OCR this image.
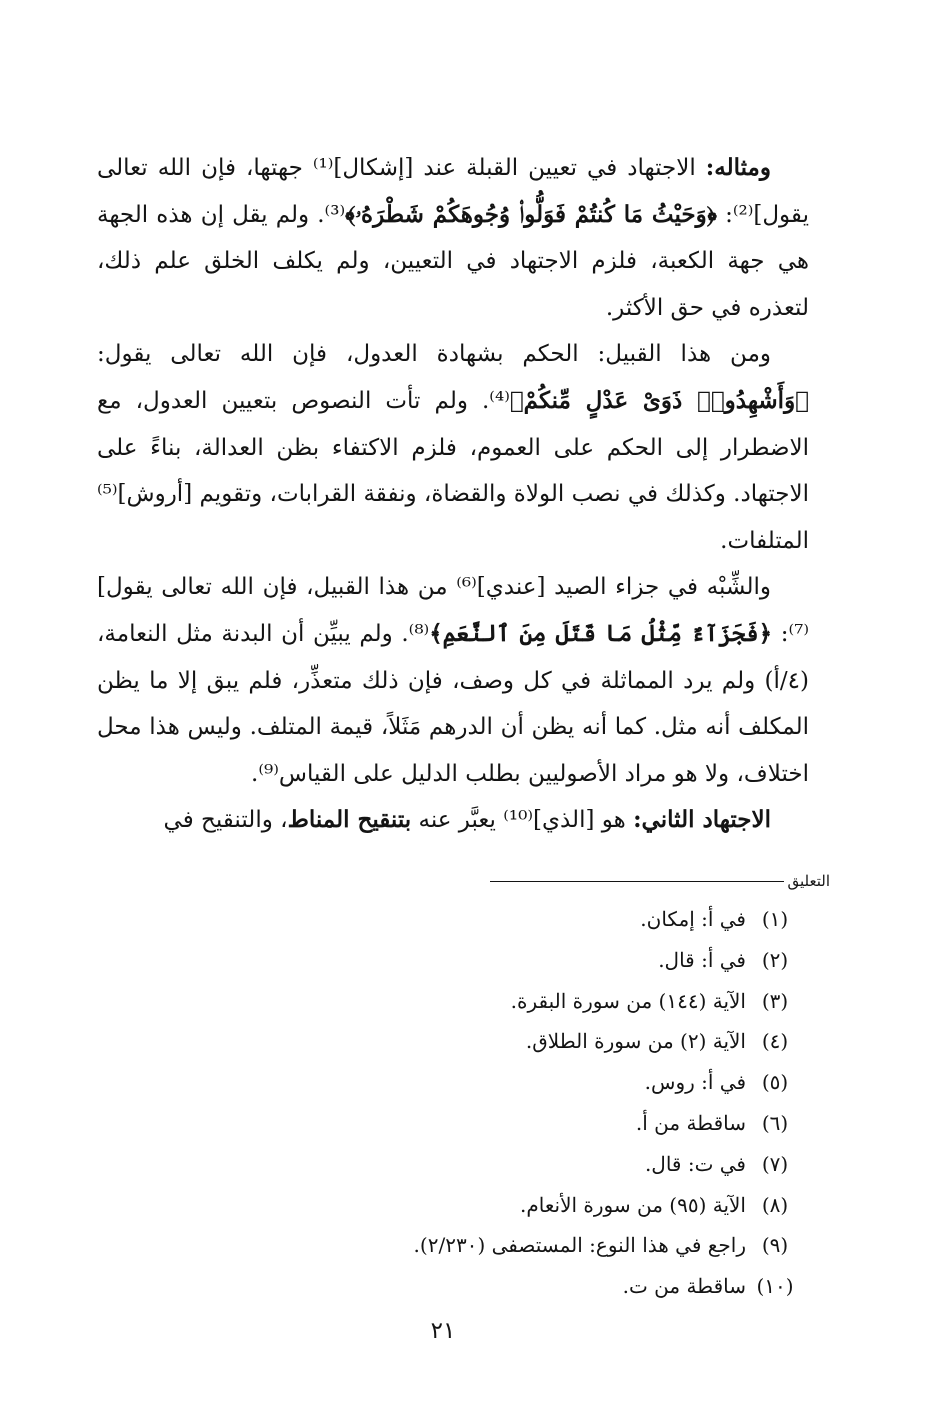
ومثاله: الاجتهاد في تعيين القبلة عند [إشكال]⁽¹⁾ جهتها، فإن الله تعالى يقول]⁽²⁾: ﴿وَحَيْثُ مَا كُنتُمْ فَوَلُّوا۟ وُجُوهَكُمْ شَطْرَهُۥ﴾⁽³⁾. ولم يقل إن هذه الجهة هي جهة الكعبة، فلزم الاجتهاد في التعيين، ولم يكلف الخلق علم ذلك، لتعذره في حق الأكثر.

ومن هذا القبيل: الحكم بشهادة العدول، فإن الله تعالى يقول: ﴿وَأَشْهِدُوا۟ ذَوَىْ عَدْلٍ مِّنكُمْ﴾⁽⁴⁾. ولم تأت النصوص بتعيين العدول، مع الاضطرار إلى الحكم على العموم، فلزم الاكتفاء بظن العدالة، بناءً على الاجتهاد. وكذلك في نصب الولاة والقضاة، ونفقة القرابات، وتقويم [أروش]⁽⁵⁾ المتلفات.

والشِّبْه في جزاء الصيد [عندي]⁽⁶⁾ من هذا القبيل، فإن الله تعالى يقول]⁽⁷⁾: ﴿فَجَزَآءٌ مِّثْلُ مَا قَتَلَ مِنَ ٱلنَّعَمِ﴾⁽⁸⁾. ولم يبيِّن أن البدنة مثل النعامة، (٤/أ) ولم يرد المماثلة في كل وصف، فإن ذلك متعذِّر، فلم يبق إلا ما يظن المكلف أنه مثل. كما أنه يظن أن الدرهم مَثَلاً، قيمة المتلف. وليس هذا محل اختلاف، ولا هو مراد الأصوليين بطلب الدليل على القياس⁽⁹⁾.

الاجتهاد الثاني: هو [الذي]⁽¹⁰⁾ يعبَّر عنه بتنقيح المناط، والتنقيح في

التعليق
(١)في أ: إمكان.
(٢)في أ: قال.
(٣)الآية (١٤٤) من سورة البقرة.
(٤)الآية (٢) من سورة الطلاق.
(٥)في أ: روس.
(٦)ساقطة من أ.
(٧)في ت: قال.
(٨)الآية (٩٥) من سورة الأنعام.
(٩)راجع في هذا النوع: المستصفى (٢/٢٣٠).
(١٠)ساقطة من ت.
٢١
